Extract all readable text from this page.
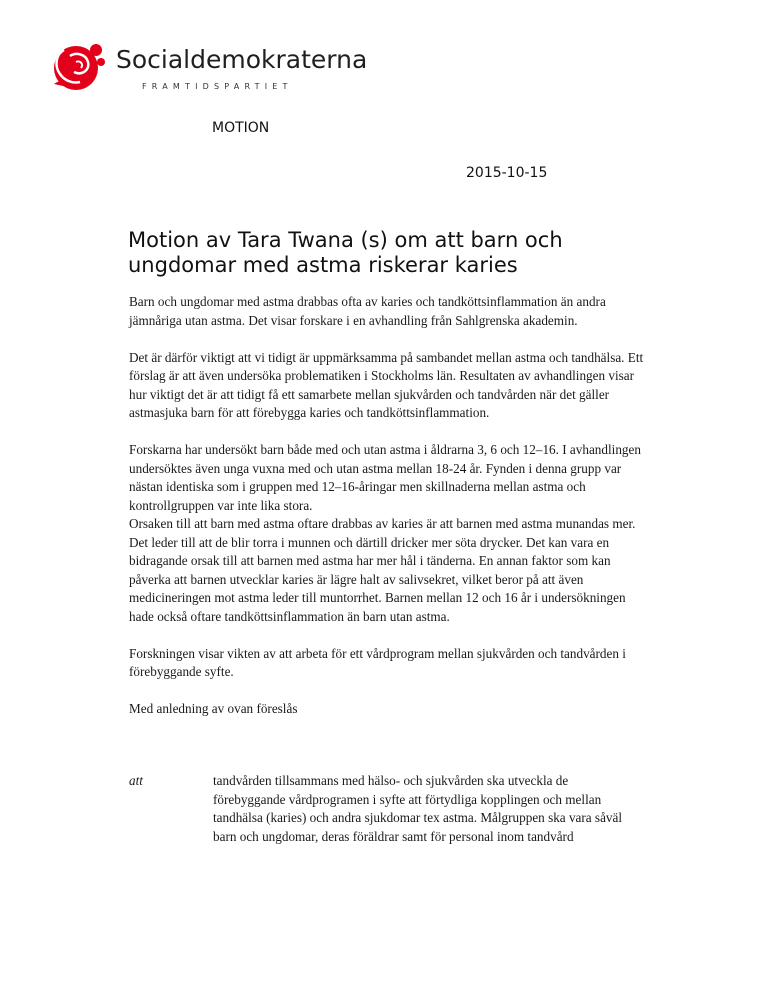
Socialdemokraterna
FRAMTIDSPARTIET
MOTION
2015-10-15
Motion av Tara Twana (s) om att barn och ungdomar med astma riskerar karies

Barn och ungdomar med astma drabbas ofta av karies och tandköttsinflammation än andra jämnåriga utan astma. Det visar forskare i en avhandling från Sahlgrenska akademin.

Det är därför viktigt att vi tidigt är uppmärksamma på sambandet mellan astma och tandhälsa. Ett förslag är att även undersöka problematiken i Stockholms län. Resultaten av avhandlingen visar hur viktigt det är att tidigt få ett samarbete mellan sjukvården och tandvården när det gäller astmasjuka barn för att förebygga karies och tandköttsinflammation.

Forskarna har undersökt barn både med och utan astma i åldrarna 3, 6 och 12–16. I avhandlingen undersöktes även unga vuxna med och utan astma mellan 18-24 år. Fynden i denna grupp var nästan identiska som i gruppen med 12–16-åringar men skillnaderna mellan astma och kontrollgruppen var inte lika stora.

Orsaken till att barn med astma oftare drabbas av karies är att barnen med astma munandas mer. Det leder till att de blir torra i munnen och därtill dricker mer söta drycker. Det kan vara en bidragande orsak till att barnen med astma har mer hål i tänderna. En annan faktor som kan påverka att barnen utvecklar karies är lägre halt av salivsekret, vilket beror på att även medicineringen mot astma leder till muntorrhet. Barnen mellan 12 och 16 år i undersökningen hade också oftare tandköttsinflammation än barn utan astma.

Forskningen visar vikten av att arbeta för ett vårdprogram mellan sjukvården och tandvården i förebyggande syfte.

Med anledning av ovan föreslås

att	tandvården tillsammans med hälso- och sjukvården ska utveckla de förebyggande vårdprogramen i syfte att förtydliga kopplingen och mellan tandhälsa (karies) och andra sjukdomar tex astma. Målgruppen ska vara såväl barn och ungdomar, deras föräldrar samt för personal inom tandvård
